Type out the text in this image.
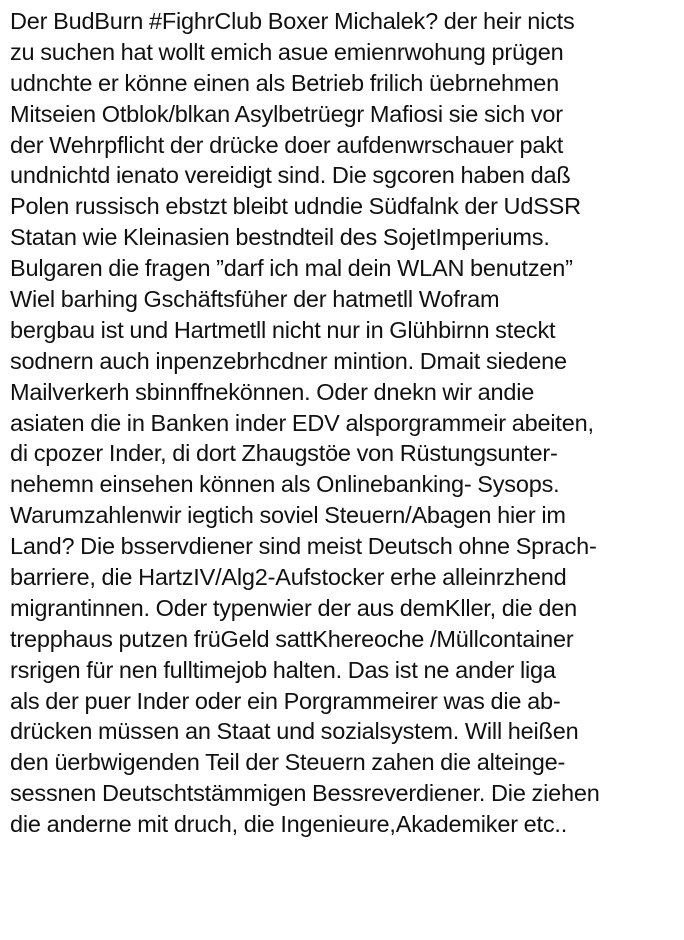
Der BudBurn #FighrClub Boxer Michalek? der heir nicts
zu suchen hat wollt emich asue emienrwohung prügen
udnchte er könne einen als Betrieb frilich üebrnehmen
Mitseien Otblok/blkan Asylbetrüegr Mafiosi sie sich vor
der Wehrpflicht der drücke doer aufdenwrschauer pakt
undnichtd ienato vereidigt sind. Die sgcoren haben daß
Polen russisch ebstzt bleibt udndie Südfalnk der UdSSR
Statan wie Kleinasien bestndteil des SojetImperiums.
Bulgaren die fragen ”darf ich mal dein WLAN benutzen”
Wiel barhing Gschäftsfüher der hatmetll Wofram
bergbau ist und Hartmetll nicht nur in Glühbirnn steckt
sodnern auch inpenzebrhcdner mintion. Dmait siedene
Mailverkerh sbinnffnekönnen. Oder dnekn wir andie
asiaten die in Banken inder EDV alsporgrammeir abeiten,
di cpozer Inder, di dort Zhaugstöe von Rüstungsunter-
nehemn einsehen können als Onlinebanking- Sysops.
Warumzahlenwir iegtich soviel Steuern/Abagen hier im
Land? Die bsservdiener sind meist Deutsch ohne Sprach-
barriere, die HartzIV/Alg2-Aufstocker erhe alleinrzhend
migrantinnen. Oder typenwier der aus demKller, die den
trepphaus putzen früGeld sattKhereoche /Müllcontainer
rsrigen für nen fulltimejob halten. Das ist ne ander liga
als der puer Inder oder ein Porgrammeirer was die ab-
drücken müssen an Staat und sozialsystem. Will heißen
den üerbwigenden Teil der Steuern zahen die alteinge-
sessnen Deutschtstämmigen Bessreverdiener. Die ziehen
die anderne mit druch, die Ingenieure,Akademiker etc..
